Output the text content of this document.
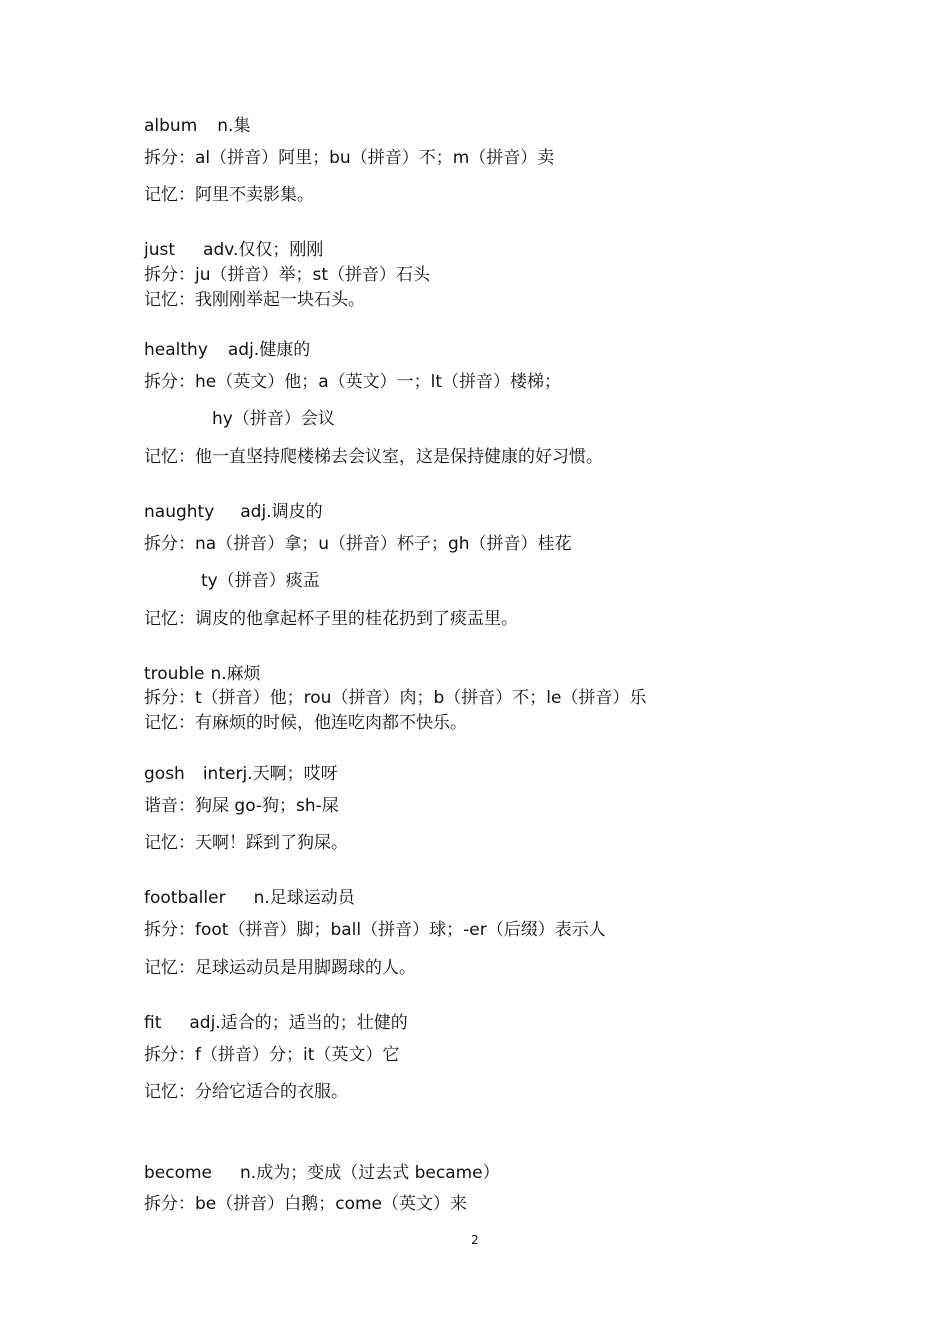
album n.集
拆分：al（拼音）阿里；bu（拼音）不；m（拼音）卖
记忆：阿里不卖影集。
just adv.仅仅；刚刚
拆分：ju（拼音）举；st（拼音）石头
记忆：我刚刚举起一块石头。
healthy adj.健康的
拆分：he（英文）他；a（英文）一；lt（拼音）楼梯；
hy（拼音）会议
记忆：他一直坚持爬楼梯去会议室，这是保持健康的好习惯。
naughty adj.调皮的
拆分：na（拼音）拿；u（拼音）杯子；gh（拼音）桂花
ty（拼音）痰盂
记忆：调皮的他拿起杯子里的桂花扔到了痰盂里。
trouble n.麻烦
拆分：t（拼音）他；rou（拼音）肉；b（拼音）不；le（拼音）乐
记忆：有麻烦的时候，他连吃肉都不快乐。
gosh interj.天啊；哎呀
谐音：狗屎 go-狗；sh-屎
记忆：天啊！踩到了狗屎。
footballer n.足球运动员
拆分：foot（拼音）脚；ball（拼音）球；-er（后缀）表示人
记忆：足球运动员是用脚踢球的人。
fit adj.适合的；适当的；壮健的
拆分：f（拼音）分；it（英文）它
记忆：分给它适合的衣服。
become n.成为；变成（过去式 became）
拆分：be（拼音）白鹅；come（英文）来
2
